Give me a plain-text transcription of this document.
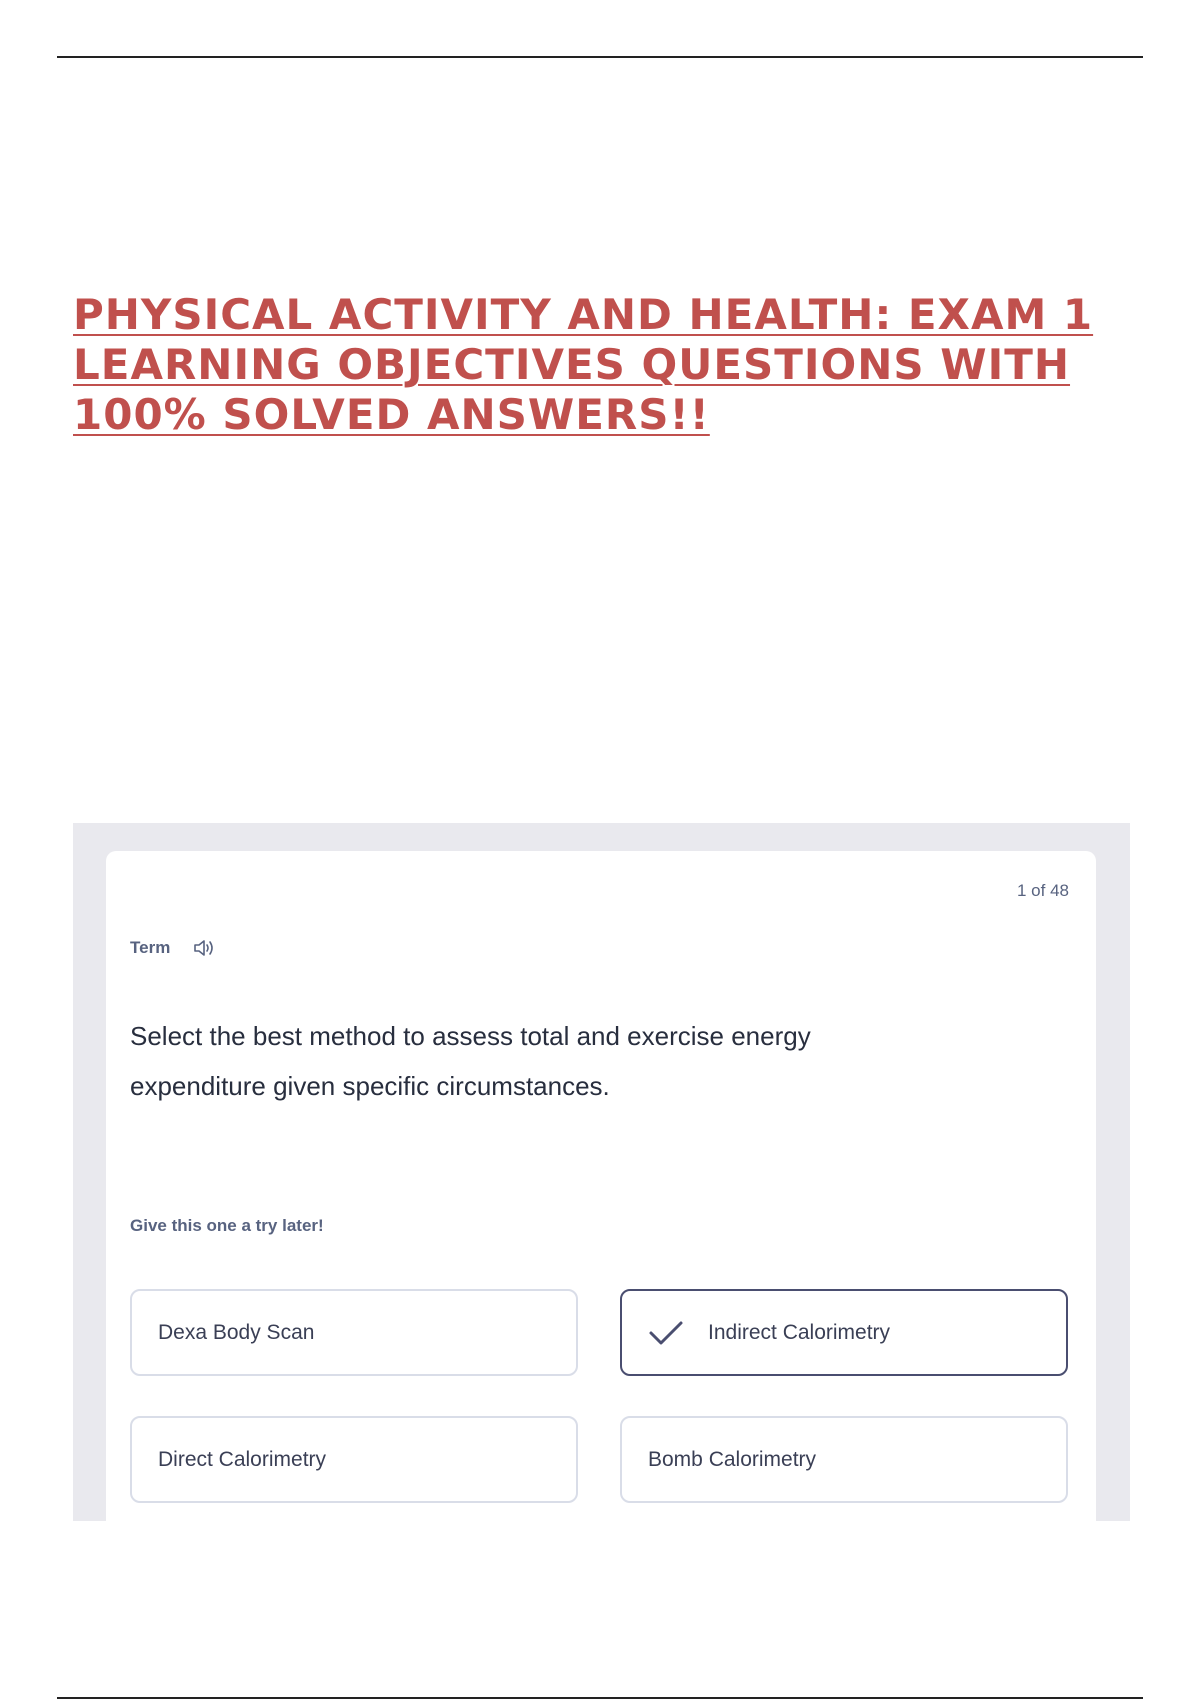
PHYSICAL ACTIVITY AND HEALTH: EXAM 1
LEARNING OBJECTIVES QUESTIONS WITH
100% SOLVED ANSWERS!!
1 of 48
Term
Select the best method to assess total and exercise energy expenditure given specific circumstances.
Give this one a try later!
Dexa Body Scan	Indirect Calorimetry
Direct Calorimetry	Bomb Calorimetry
